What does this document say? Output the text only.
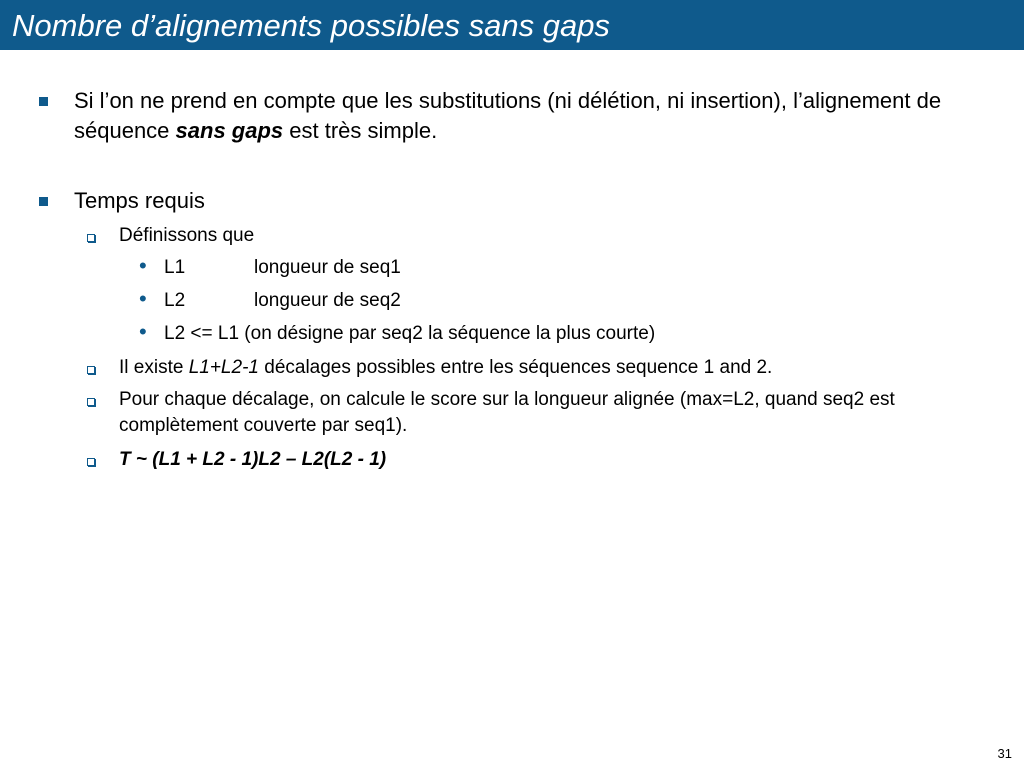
Nombre d’alignements possibles sans gaps
Si l’on ne prend en compte que les substitutions (ni délétion, ni insertion), l’alignement de séquence sans gaps est très simple.
Temps requis
Définissons que
• L1	longueur de seq1
• L2	longueur de seq2
• L2 <= L1 (on désigne par seq2 la séquence la plus courte)
Il existe L1+L2-1 décalages possibles entre les séquences sequence 1 and 2.
Pour chaque décalage, on calcule le score sur la longueur alignée (max=L2, quand seq2 est complètement couverte par seq1).
T ~ (L1 + L2 - 1)L2 – L2(L2 - 1)
31
